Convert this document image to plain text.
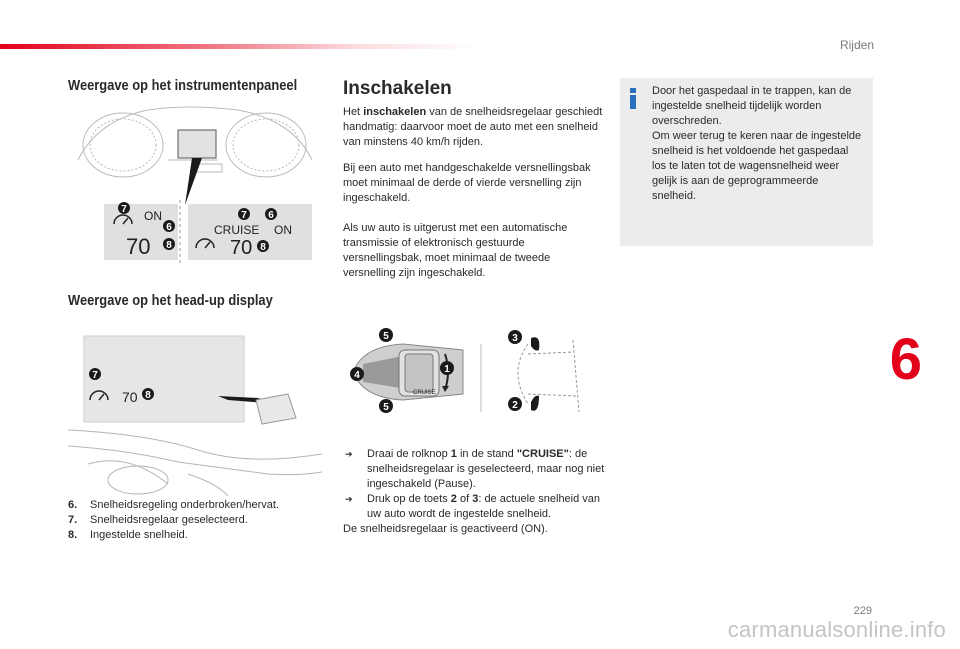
Rijden
6
Weergave op het instrumentenpaneel
ON
70
7
6
8
CRUISE ON
70
7 6
8
Weergave op het head-up display
70
7
8
6.	Snelheidsregeling onderbroken/hervat.
7.	Snelheidsregelaar geselecteerd.
8.	Ingestelde snelheid.
Inschakelen
Het inschakelen van de snelheidsregelaar geschiedt handmatig: daarvoor moet de auto met een snelheid van minstens 40 km/h rijden.
Bij een auto met handgeschakelde versnellingsbak moet minimaal de derde of vierde versnelling zijn ingeschakeld.
Als uw auto is uitgerust met een automatische transmissie of elektronisch gestuurde versnellingsbak, moet minimaal de tweede versnelling zijn ingeschakeld.
CRUISE
5
4
5
1
3
2
➔ Draai de rolknop 1 in de stand "CRUISE": de snelheidsregelaar is geselecteerd, maar nog niet ingeschakeld (Pause).
➔ Druk op de toets 2 of 3: de actuele snelheid van uw auto wordt de ingestelde snelheid.
De snelheidsregelaar is geactiveerd (ON).
Door het gaspedaal in te trappen, kan de ingestelde snelheid tijdelijk worden overschreden.
Om weer terug te keren naar de ingestelde snelheid is het voldoende het gaspedaal los te laten tot de wagensnelheid weer gelijk is aan de geprogrammeerde snelheid.
229
carmanualsonline.info
